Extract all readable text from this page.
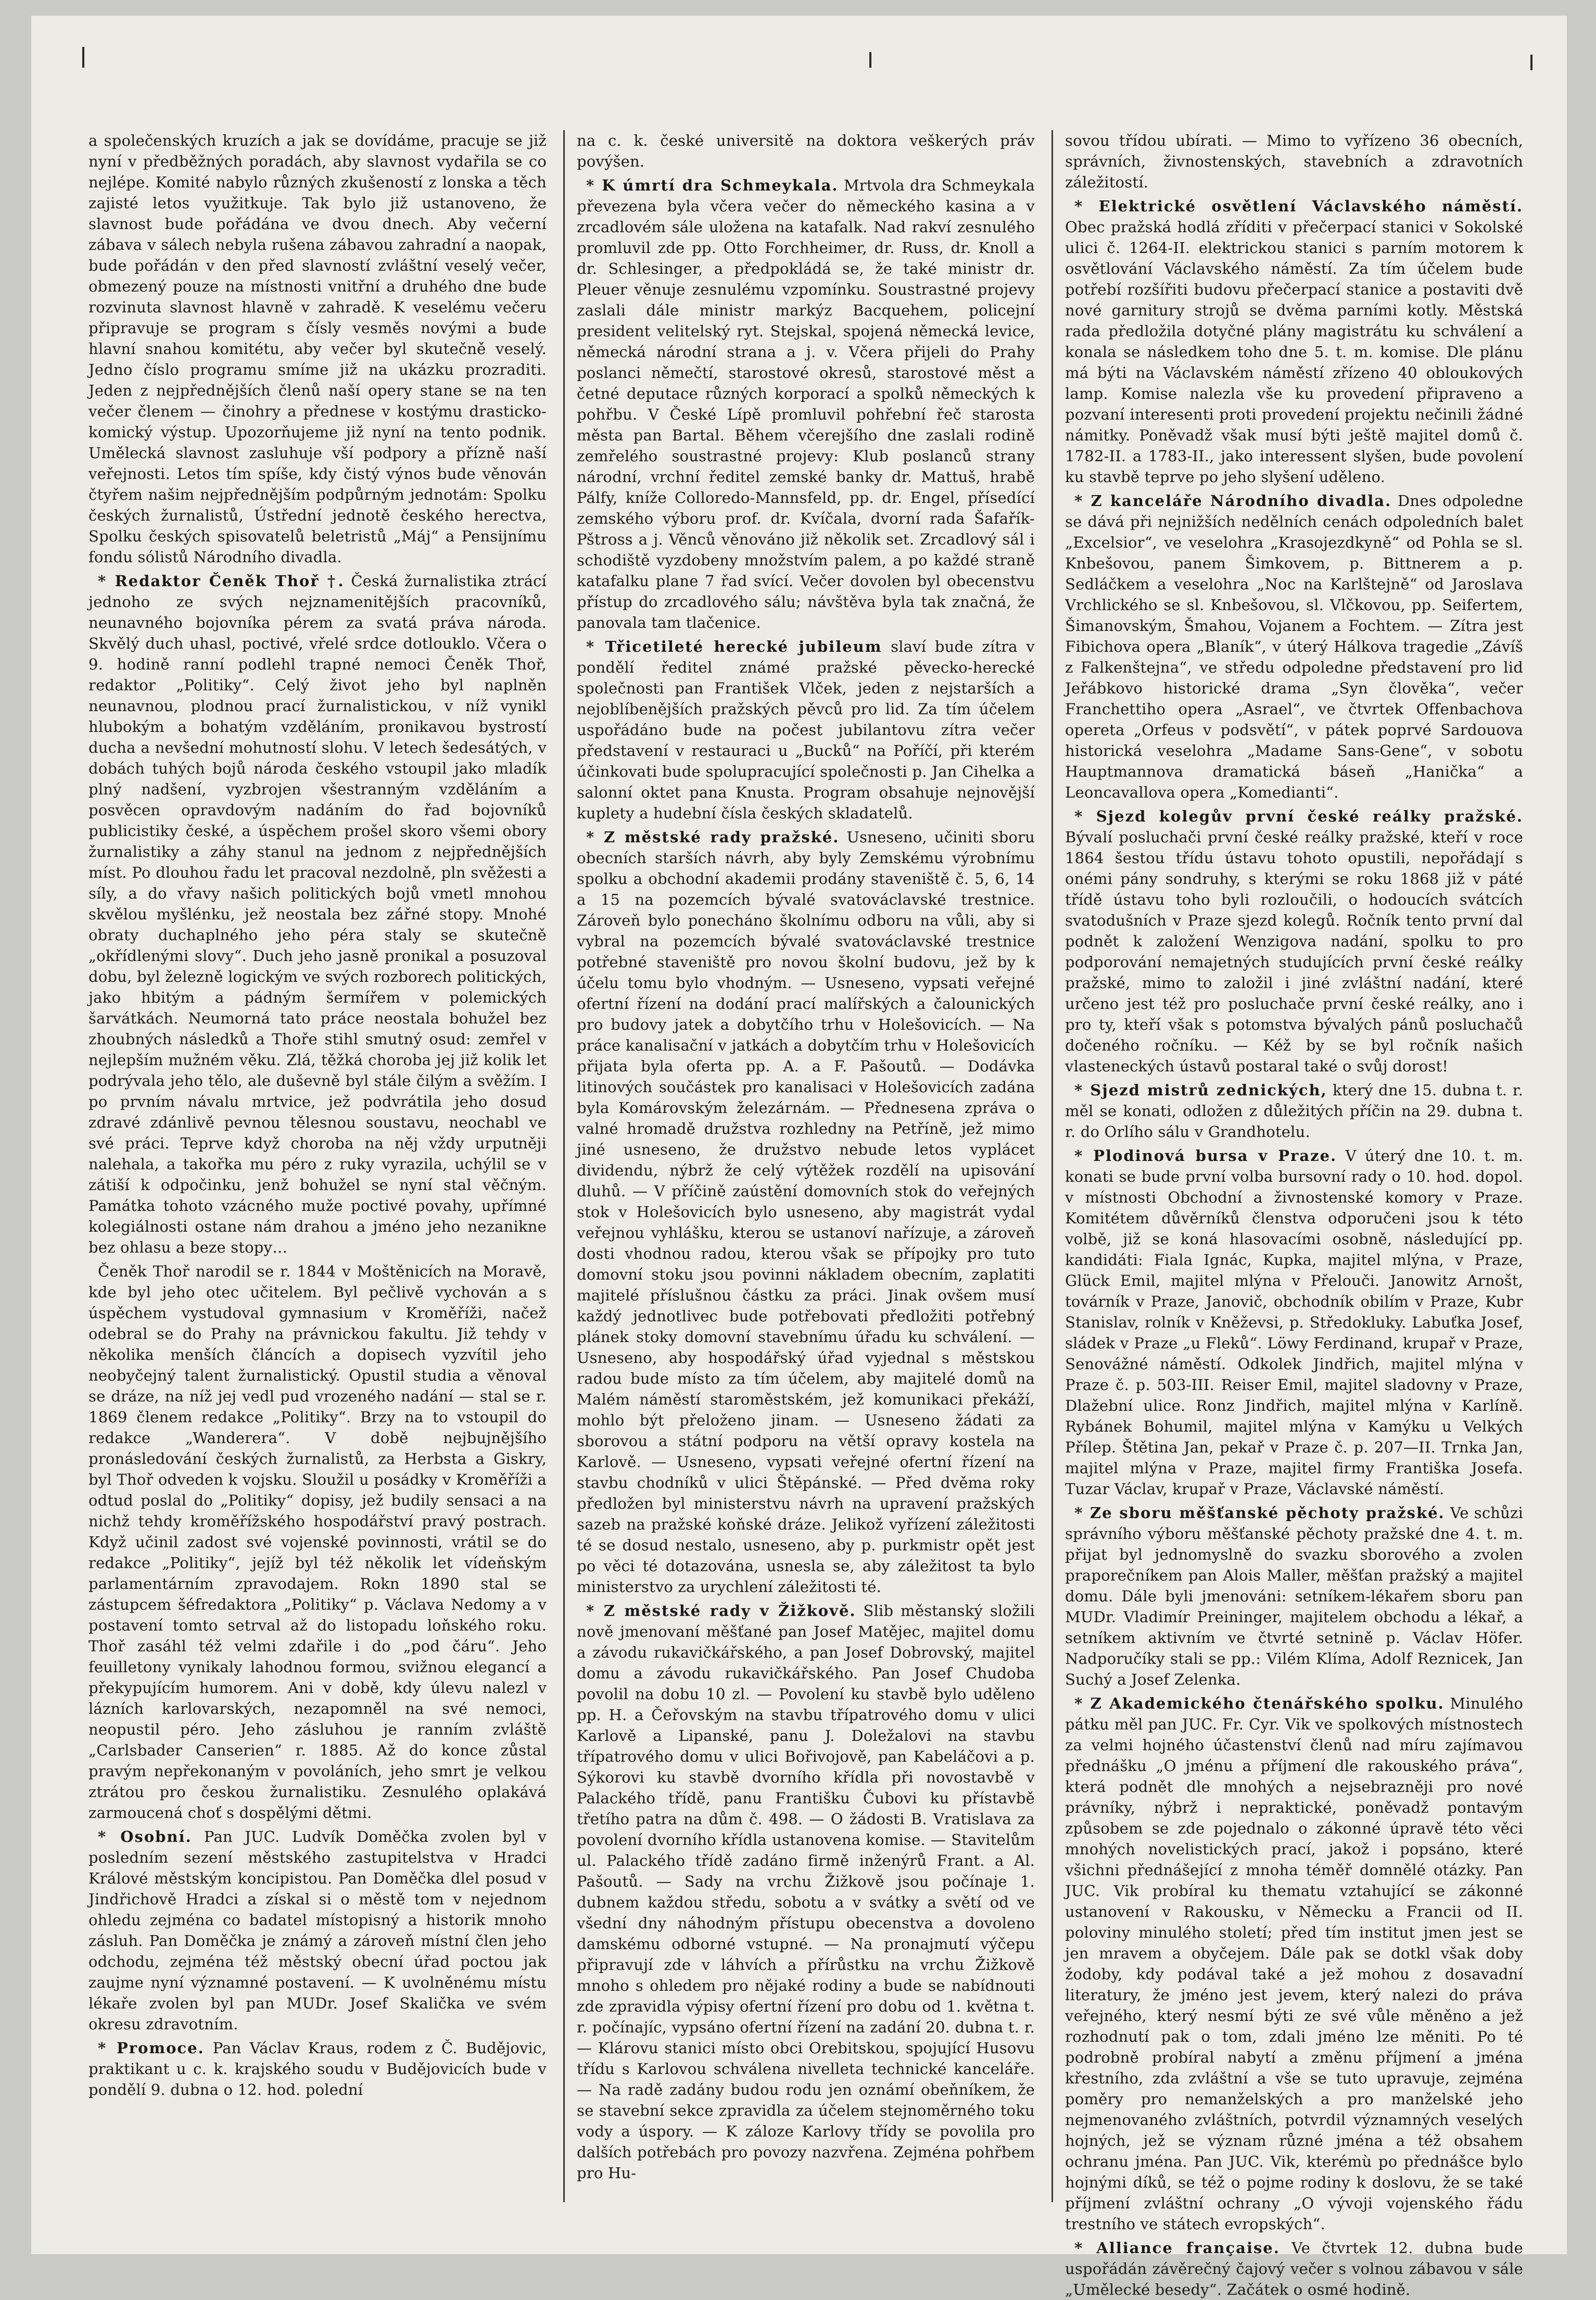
a společenských kruzích a jak se dovídáme, pracuje se již nyní v předběžných poradách, aby slavnost vydařila se co nejlépe. Komité nabylo různých zkušeností z lonska a těch zajisté letos využitkuje. Tak bylo již ustanoveno, že slavnost bude pořádána ve dvou dnech. Aby večerní zábava v sálech nebyla rušena zábavou zahradní a naopak, bude pořádán v den před slavností zvláštní veselý večer, obmezený pouze na místnosti vnitřní a druhého dne bude rozvinuta slavnost hlavně v zahradě. K veselému večeru připravuje se program s čísly vesměs novými a bude hlavní snahou komitétu, aby večer byl skutečně veselý. Jedno číslo programu smíme již na ukázku prozraditi. Jeden z nejpřednějších členů naší opery stane se na ten večer členem — činohry a přednese v kostýmu drasticko-komický výstup. Upozorňujeme již nyní na tento podnik. Umělecká slavnost zasluhuje vší podpory a přízně naší veřejnosti. Letos tím spíše, kdy čistý výnos bude věnován čtyřem našim nejpřednějším podpůrným jednotám: Spolku českých žurnalistů, Ústřední jednotě českého herectva, Spolku českých spisovatelů beletristů „Máj“ a Pensijnímu fondu sólistů Národního divadla.

* Redaktor Čeněk Thoř †. Česká žurnalistika ztrácí jednoho ze svých nejznamenitějších pracovníků, neunavného bojovníka pérem za svatá práva národa. Skvělý duch uhasl, poctivé, vřelé srdce dotlouklo. Včera o 9. hodině ranní podlehl trapné nemoci Čeněk Thoř, redaktor „Politiky“. Celý život jeho byl naplněn neunavnou, plodnou prací žurnalistickou, v níž vynikl hlubokým a bohatým vzděláním, pronikavou bystrostí ducha a nevšední mohutností slohu. V letech šedesátých, v dobách tuhých bojů národa českého vstoupil jako mladík plný nadšení, vyzbrojen všestranným vzděláním a posvěcen opravdovým nadáním do řad bojovníků publicistiky české, a úspěchem prošel skoro všemi obory žurnalistiky a záhy stanul na jednom z nejpřednějších míst. Po dlouhou řadu let pracoval nezdolně, pln svěžesti a síly, a do vřavy našich politických bojů vmetl mnohou skvělou myšlénku, jež neostala bez zářné stopy. Mnohé obraty duchaplného jeho péra staly se skutečně „okřídlenými slovy“. Duch jeho jasně pronikal a posuzoval dobu, byl železně logickým ve svých rozborech politických, jako hbitým a pádným šermířem v polemických šarvátkách. Neumorná tato práce neostala bohužel bez zhoubných následků a Thoře stihl smutný osud: zemřel v nejlepším mužném věku. Zlá, těžká choroba jej již kolik let podrývala jeho tělo, ale duševně byl stále čilým a svěžím. I po prvním návalu mrtvice, jež podvrátila jeho dosud zdravé zdánlivě pevnou tělesnou soustavu, neochabl ve své práci. Teprve když choroba na něj vždy urputněji nalehala, a takořka mu péro z ruky vyrazila, uchýlil se v zátiší k odpočinku, jenž bohužel se nyní stal věčným. Památka tohoto vzácného muže poctivé povahy, upřímné kolegiálnosti ostane nám drahou a jméno jeho nezanikne bez ohlasu a beze stopy…

Čeněk Thoř narodil se r. 1844 v Moštěnicích na Moravě, kde byl jeho otec učitelem. Byl pečlivě vychován a s úspěchem vystudoval gymnasium v Kroměříži, načež odebral se do Prahy na právnickou fakultu. Již tehdy v několika menších článcích a dopisech vyzvítil jeho neobyčejný talent žurnalistický. Opustil studia a věnoval se dráze, na níž jej vedl pud vrozeného nadání — stal se r. 1869 členem redakce „Politiky“. Brzy na to vstoupil do redakce „Wanderera“. V době nejbujnějšího pronásledování českých žurnalistů, za Herbsta a Giskry, byl Thoř odveden k vojsku. Sloužil u posádky v Kroměříži a odtud poslal do „Politiky“ dopisy, jež budily sensaci a na nichž tehdy kroměřížského hospodářství pravý postrach. Když učinil zadost své vojenské povinnosti, vrátil se do redakce „Politiky“, jejíž byl též několik let vídeňským parlamentárním zpravodajem. Rokn 1890 stal se zástupcem šéfredaktora „Politiky“ p. Václava Nedomy a v postavení tomto setrval až do listopadu loňského roku. Thoř zasáhl též velmi zdařile i do „pod čáru“. Jeho feuilletony vynikaly lahodnou formou, svižnou elegancí a překypujícím humorem. Ani v době, kdy úlevu nalezl v lázních karlovarských, nezapomněl na své nemoci, neopustil péro. Jeho zásluhou je ranním zvláště „Carlsbader Canserien“ r. 1885. Až do konce zůstal pravým nepřekonaným v povoláních, jeho smrt je velkou ztrátou pro českou žurnalistiku. Zesnulého oplakává zarmoucená choť s dospělými dětmi.

* Osobní. Pan JUC. Ludvík Doměčka zvolen byl v posledním sezení městského zastupitelstva v Hradci Králové městským koncipistou. Pan Doměčka dlel posud v Jindřichově Hradci a získal si o městě tom v nejednom ohledu zejména co badatel místopisný a historik mnoho zásluh. Pan Doměčka je známý a zároveň místní člen jeho odchodu, zejména též městský obecní úřad poctou jak zaujme nyní významné postavení. — K uvolněnému místu lékaře zvolen byl pan MUDr. Josef Skalička ve svém okresu zdravotním.

* Promoce. Pan Václav Kraus, rodem z Č. Budějovic, praktikant u c. k. krajského soudu v Budějovicích bude v pondělí 9. dubna o 12. hod. polední

na c. k. české universitě na doktora veškerých práv povýšen.

* K úmrtí dra Schmeykala. Mrtvola dra Schmeykala převezena byla včera večer do německého kasina a v zrcadlovém sále uložena na katafalk. Nad rakví zesnulého promluvil zde pp. Otto Forchheimer, dr. Russ, dr. Knoll a dr. Schlesinger, a předpokládá se, že také ministr dr. Pleuer věnuje zesnulému vzpomínku. Soustrastné projevy zaslali dále ministr markýz Bacquehem, policejní president velitelský ryt. Stejskal, spojená německá levice, německá národní strana a j. v. Včera přijeli do Prahy poslanci němečtí, starostové okresů, starostové měst a četné deputace různých korporací a spolků německých k pohřbu. V České Lípě promluvil pohřební řeč starosta města pan Bartal. Během včerejšího dne zaslali rodině zemřelého soustrastné projevy: Klub poslanců strany národní, vrchní ředitel zemské banky dr. Mattuš, hrabě Pálfy, kníže Colloredo-Mannsfeld, pp. dr. Engel, přísedící zemského výboru prof. dr. Kvíčala, dvorní rada Šafařík-Pštross a j. Věnců věnováno již několik set. Zrcadlový sál i schodiště vyzdobeny množstvím palem, a po každé straně katafalku plane 7 řad svící. Večer dovolen byl obecenstvu přístup do zrcadlového sálu; návštěva byla tak značná, že panovala tam tlačenice.

* Třicetileté herecké jubileum slaví bude zítra v pondělí ředitel známé pražské pěvecko-herecké společnosti pan František Vlček, jeden z nejstarších a nejoblíbenějších pražských pěvců pro lid. Za tím účelem uspořádáno bude na počest jubilantovu zítra večer představení v restauraci u „Bucků“ na Poříčí, při kterém účinkovati bude spolupracující společnosti p. Jan Cihelka a salonní oktet pana Knusta. Program obsahuje nejnovější kuplety a hudební čísla českých skladatelů.

* Z městské rady pražské. Usneseno, učiniti sboru obecních starších návrh, aby byly Zemskému výrobnímu spolku a obchodní akademii prodány staveniště č. 5, 6, 14 a 15 na pozemcích bývalé svatováclavské trestnice. Zároveň bylo ponecháno školnímu odboru na vůli, aby si vybral na pozemcích bývalé svatováclavské trestnice potřebné staveniště pro novou školní budovu, jež by k účelu tomu bylo vhodným. — Usneseno, vypsati veřejné ofertní řízení na dodání prací malířských a čalounických pro budovy jatek a dobytčího trhu v Holešovicích. — Na práce kanalisační v jatkách a dobytčím trhu v Holešovicích přijata byla oferta pp. A. a F. Pašoutů. — Dodávka litinových součástek pro kanalisaci v Holešovicích zadána byla Komárovským železárnám. — Přednesena zpráva o valné hromadě družstva rozhledny na Petříně, jež mimo jiné usneseno, že družstvo nebude letos vyplácet dividendu, nýbrž že celý výtěžek rozdělí na upisování dluhů. — V příčině zaústění domovních stok do veřejných stok v Holešovicích bylo usneseno, aby magistrát vydal veřejnou vyhlášku, kterou se ustanoví nařízuje, a zároveň dosti vhodnou radou, kterou však se přípojky pro tuto domovní stoku jsou povinni nákladem obecním, zaplatiti majitelé příslušnou částku za práci. Jinak ovšem musí každý jednotlivec bude potřebovati předložiti potřebný plánek stoky domovní stavebnímu úřadu ku schválení. — Usneseno, aby hospodářský úřad vyjednal s městskou radou bude místo za tím účelem, aby majitelé domů na Malém náměstí staroměstském, jež komunikaci překáží, mohlo být přeloženo jinam. — Usneseno žádati za sborovou a státní podporu na větší opravy kostela na Karlově. — Usneseno, vypsati veřejné ofertní řízení na stavbu chodníků v ulici Štěpánské. — Před dvěma roky předložen byl ministerstvu návrh na upravení pražských sazeb na pražské koňské dráze. Jelikož vyřízení záležitosti té se dosud nestalo, usneseno, aby p. purkmistr opět jest po věci té dotazována, usnesla se, aby záležitost ta bylo ministerstvo za urychlení záležitosti té.

* Z městské rady v Žižkově. Slib městanský složili nově jmenovaní měšťané pan Josef Matějec, majitel domu a závodu rukavičkářského, a pan Josef Dobrovský, majitel domu a závodu rukavičkářského. Pan Josef Chudoba povolil na dobu 10 zl. — Povolení ku stavbě bylo uděleno pp. H. a Čeřovským na stavbu třípatrového domu v ulici Karlově a Lipanské, panu J. Doležalovi na stavbu třípatrového domu v ulici Bořivojově, pan Kabeláčovi a p. Sýkorovi ku stavbě dvorního křídla při novostavbě v Palackého třídě, panu Františku Čubovi ku přístavbě třetího patra na dům č. 498. — O žádosti B. Vratislava za povolení dvorního křídla ustanovena komise. — Stavitelům ul. Palackého třídě zadáno firmě inženýrů Frant. a Al. Pašoutů. — Sady na vrchu Žižkově jsou počínaje 1. dubnem každou středu, sobotu a v svátky a světí od ve všední dny náhodným přístupu obecenstva a dovoleno damskému odborné vstupné. — Na pronajmutí výčepu připravují zde v láhvích a přírůstku na vrchu Žižkově mnoho s ohledem pro nějaké rodiny a bude se nabídnouti zde zpravidla výpisy ofertní řízení pro dobu od 1. května t. r. počínajíc, vypsáno ofertní řízení na zadání 20. dubna t. r. — Klárovu stanici místo obci Orebitskou, spojující Husovu třídu s Karlovou schválena nivelleta technické kanceláře. — Na radě zadány budou rodu jen oznámí obeňníkem, že se stavební sekce zpravidla za účelem stejnoměrného toku vody a úspory. — K záloze Karlovy třídy se povolila pro dalších potřebách pro povozy nazvřena. Zejména pohřbem pro Hu-

sovou třídou ubírati. — Mimo to vyřízeno 36 obecních, správních, živnostenských, stavebních a zdravotních záležitostí.

* Elektrické osvětlení Václavského náměstí. Obec pražská hodlá zříditi v přečerpací stanici v Sokolské ulici č. 1264-II. elektrickou stanici s parním motorem k osvětlování Václavského náměstí. Za tím účelem bude potřebí rozšířiti budovu přečerpací stanice a postaviti dvě nové garnitury strojů se dvěma parními kotly. Městská rada předložila dotyčné plány magistrátu ku schválení a konala se následkem toho dne 5. t. m. komise. Dle plánu má býti na Václavském náměstí zřízeno 40 obloukových lamp. Komise nalezla vše ku provedení připraveno a pozvaní interesenti proti provedení projektu nečinili žádné námitky. Poněvadž však musí býti ještě majitel domů č. 1782-II. a 1783-II., jako interessent slyšen, bude povolení ku stavbě teprve po jeho slyšení uděleno.

* Z kanceláře Národního divadla. Dnes odpoledne se dává při nejnižších nedělních cenách odpoledních balet „Excelsior“, ve veselohra „Krasojezdkyně“ od Pohla se sl. Knbešovou, panem Šimkovem, p. Bittnerem a p. Sedláčkem a veselohra „Noc na Karlštejně“ od Jaroslava Vrchlického se sl. Knbešovou, sl. Vlčkovou, pp. Seifertem, Šimanovským, Šmahou, Vojanem a Fochtem. — Zítra jest Fibichova opera „Blaník“, v úterý Hálkova tragedie „Závíš z Falkenštejna“, ve středu odpoledne představení pro lid Jeřábkovo historické drama „Syn člověka“, večer Franchettiho opera „Asrael“, ve čtvrtek Offenbachova opereta „Orfeus v podsvětí“, v pátek poprvé Sardouova historická veselohra „Madame Sans-Gene“, v sobotu Hauptmannova dramatická báseň „Hanička“ a Leoncavallova opera „Komedianti“.

* Sjezd kolegův první české reálky pražské. Bývalí posluchači první české reálky pražské, kteří v roce 1864 šestou třídu ústavu tohoto opustili, nepořádají s onémi pány sondruhy, s kterými se roku 1868 již v páté třídě ústavu toho byli rozloučili, o hodoucích svátcích svatodušních v Praze sjezd kolegů. Ročník tento první dal podnět k založení Wenzigova nadání, spolku to pro podporování nemajetných studujících první české reálky pražské, mimo to založil i jiné zvláštní nadání, které určeno jest též pro posluchače první české reálky, ano i pro ty, kteří však s potomstva bývalých pánů posluchačů dočeného ročníku. — Kéž by se byl ročník našich vlasteneckých ústavů postaral také o svůj dorost!

* Sjezd mistrů zednických, který dne 15. dubna t. r. měl se konati, odložen z důležitých příčin na 29. dubna t. r. do Orlího sálu v Grandhotelu.

* Plodinová bursa v Praze. V úterý dne 10. t. m. konati se bude první volba bursovní rady o 10. hod. dopol. v místnosti Obchodní a živnostenské komory v Praze. Komitétem důvěrníků členstva odporučeni jsou k této volbě, již se koná hlasovacími osobně, následující pp. kandidáti: Fiala Ignác, Kupka, majitel mlýna, v Praze, Glück Emil, majitel mlýna v Přelouči. Janowitz Arnošt, továrník v Praze, Janovič, obchodník obilím v Praze, Kubr Stanislav, rolník v Kněževsi, p. Středokluky. Labuťka Josef, sládek v Praze „u Fleků“. Löwy Ferdinand, krupař v Praze, Senovážné náměstí. Odkolek Jindřich, majitel mlýna v Praze č. p. 503-III. Reiser Emil, majitel sladovny v Praze, Dlažební ulice. Ronz Jindřich, majitel mlýna v Karlíně. Rybánek Bohumil, majitel mlýna v Kamýku u Velkých Přílep. Štětina Jan, pekař v Praze č. p. 207—II. Trnka Jan, majitel mlýna v Praze, majitel firmy Františka Josefa. Tuzar Václav, krupař v Praze, Václavské náměstí.

* Ze sboru měšťanské pěchoty pražské. Ve schůzi správního výboru měšťanské pěchoty pražské dne 4. t. m. přijat byl jednomyslně do svazku sborového a zvolen praporečníkem pan Alois Maller, měšťan pražský a majitel domu. Dále byli jmenováni: setníkem-lékařem sboru pan MUDr. Vladimír Preininger, majitelem obchodu a lékař, a setníkem aktivním ve čtvrté setnině p. Václav Höfer. Nadporučíky stali se pp.: Vilém Klíma, Adolf Reznicek, Jan Suchý a Josef Zelenka.

* Z Akademického čtenářského spolku. Minulého pátku měl pan JUC. Fr. Cyr. Vik ve spolkových místnostech za velmi hojného účastenství členů nad míru zajímavou přednášku „O jménu a příjmení dle rakouského práva“, která podnět dle mnohých a nejsebrazněji pro nové právníky, nýbrž i nepraktické, poněvadž pontavým způsobem se zde pojednalo o zákonné úpravě této věci mnohých novelistických prací, jakož i popsáno, které všichni přednášející z mnoha téměř domnělé otázky. Pan JUC. Vik probíral ku thematu vztahující se zákonné ustanovení v Rakousku, v Německu a Francii od II. poloviny minulého století; před tím institut jmen jest se jen mravem a obyčejem. Dále pak se dotkl však doby žodoby, kdy podával také a jež mohou z dosavadní literatury, že jméno jest jevem, který nalezi do práva veřejného, který nesmí býti ze své vůle měněno a jež rozhodnutí pak o tom, zdali jméno lze měniti. Po té podrobně probíral nabytí a změnu příjmení a jména křestního, zda zvláštní a vše se tuto upravuje, zejména poměry pro nemanželských a pro manželské jeho nejmenovaného zvláštních, potvrdil významných veselých hojných, jež se význam různé jména a též obsahem ochranu jména. Pan JUC. Vik, kterémù po přednášce bylo hojnými díků, se též o pojme rodiny k doslovu, že se také příjmení zvláštní ochrany „O vývoji vojenského řádu trestního ve státech evropských“.

* Alliance française. Ve čtvrtek 12. dubna bude uspořádán závěrečný čajový večer s volnou zábavou v sále „Umělecké besedy“. Začátek o osmé hodině.
